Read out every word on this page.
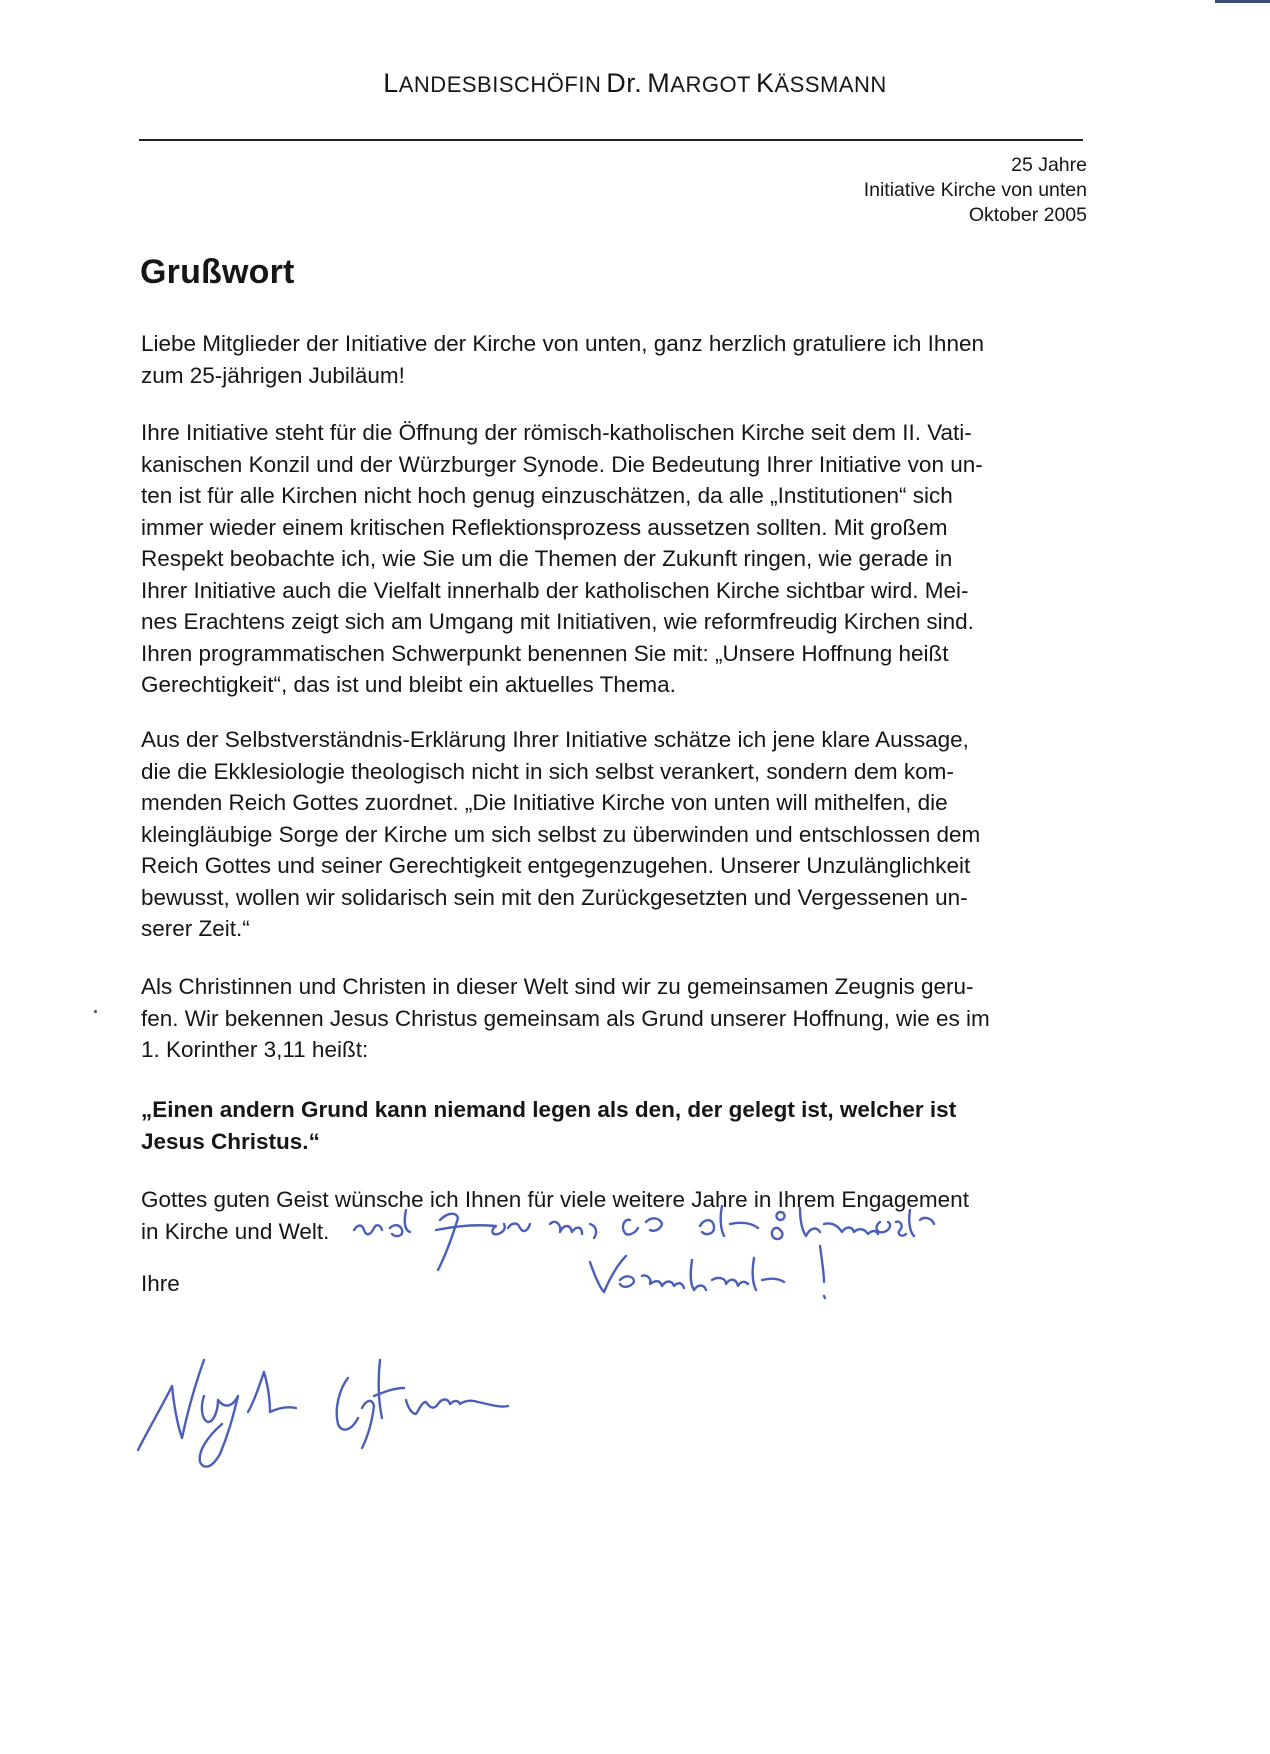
LANDESBISCHÖFIN Dr. MARGOT KÄSSMANN
25 Jahre
Initiative Kirche von unten
Oktober 2005
Grußwort
Liebe Mitglieder der Initiative der Kirche von unten, ganz herzlich gratuliere ich Ihnen
zum 25-jährigen Jubiläum!
Ihre Initiative steht für die Öffnung der römisch-katholischen Kirche seit dem II. Vati-
kanischen Konzil und der Würzburger Synode. Die Bedeutung Ihrer Initiative von un-
ten ist für alle Kirchen nicht hoch genug einzuschätzen, da alle „Institutionen“ sich
immer wieder einem kritischen Reflektionsprozess aussetzen sollten. Mit großem
Respekt beobachte ich, wie Sie um die Themen der Zukunft ringen, wie gerade in
Ihrer Initiative auch die Vielfalt innerhalb der katholischen Kirche sichtbar wird. Mei-
nes Erachtens zeigt sich am Umgang mit Initiativen, wie reformfreudig Kirchen sind.
Ihren programmatischen Schwerpunkt benennen Sie mit: „Unsere Hoffnung heißt
Gerechtigkeit“, das ist und bleibt ein aktuelles Thema.
Aus der Selbstverständnis-Erklärung Ihrer Initiative schätze ich jene klare Aussage,
die die Ekklesiologie theologisch nicht in sich selbst verankert, sondern dem kom-
menden Reich Gottes zuordnet. „Die Initiative Kirche von unten will mithelfen, die
kleingläubige Sorge der Kirche um sich selbst zu überwinden und entschlossen dem
Reich Gottes und seiner Gerechtigkeit entgegenzugehen. Unserer Unzulänglichkeit
bewusst, wollen wir solidarisch sein mit den Zurückgesetzten und Vergessenen un-
serer Zeit.“
Als Christinnen und Christen in dieser Welt sind wir zu gemeinsamen Zeugnis geru-
fen. Wir bekennen Jesus Christus gemeinsam als Grund unserer Hoffnung, wie es im
1. Korinther 3,11 heißt:
„Einen andern Grund kann niemand legen als den, der gelegt ist, welcher ist
Jesus Christus.“
Gottes guten Geist wünsche ich Ihnen für viele weitere Jahre in Ihrem Engagement
in Kirche und Welt.
Ihre
